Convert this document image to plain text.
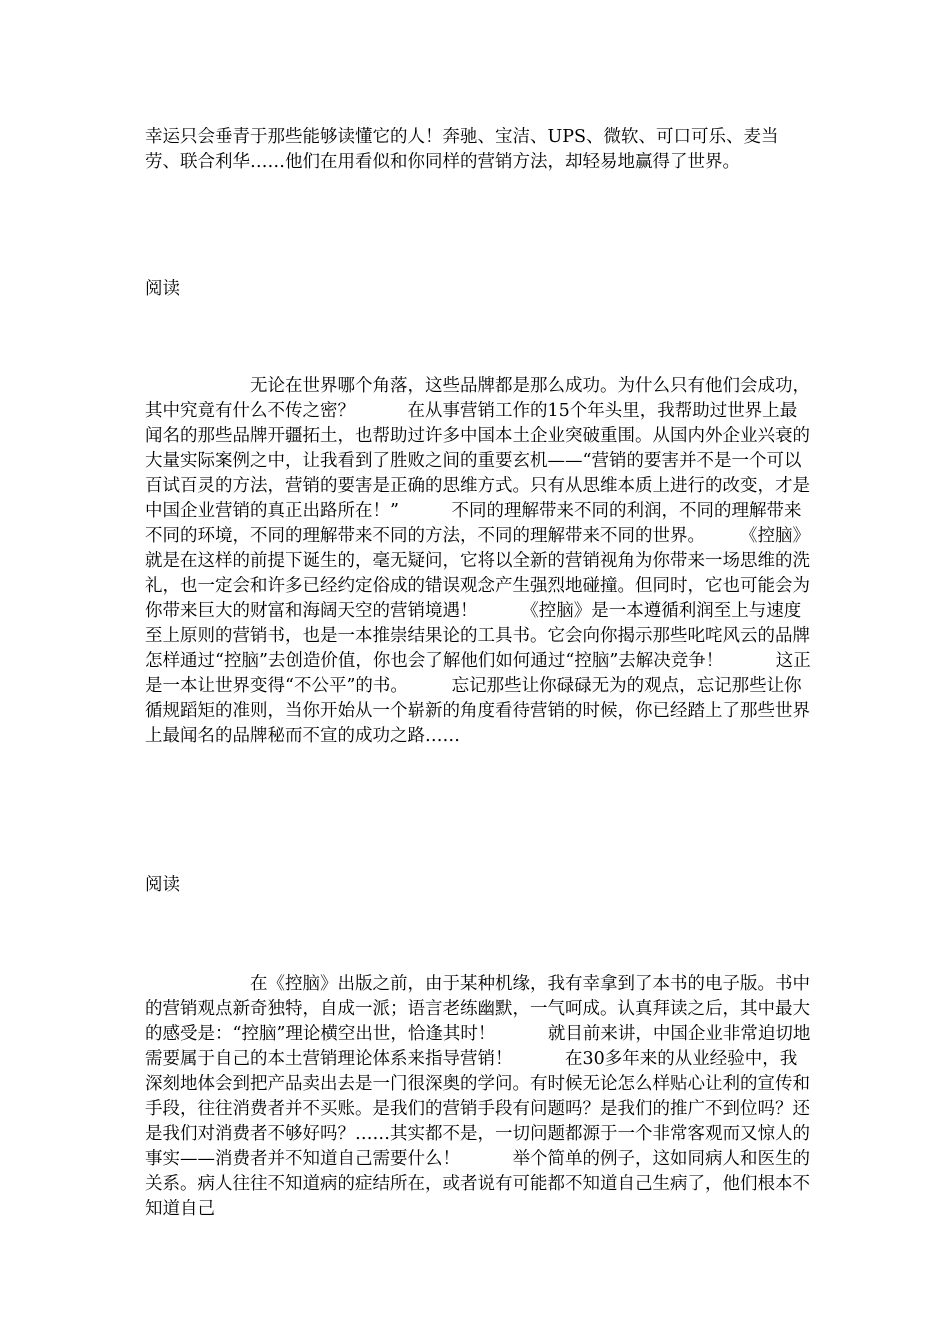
幸运只会垂青于那些能够读懂它的人！奔驰、宝洁、UPS、微软、可口可乐、麦当劳、联合利华……他们在用看似和你同样的营销方法，却轻易地赢得了世界。

阅读

无论在世界哪个角落，这些品牌都是那么成功。为什么只有他们会成功，其中究竟有什么不传之密？　　　在从事营销工作的15个年头里，我帮助过世界上最闻名的那些品牌开疆拓土，也帮助过许多中国本土企业突破重围。从国内外企业兴衰的大量实际案例之中，让我看到了胜败之间的重要玄机——“营销的要害并不是一个可以百试百灵的方法，营销的要害是正确的思维方式。只有从思维本质上进行的改变，才是中国企业营销的真正出路所在！”　　　不同的理解带来不同的利润，不同的理解带来不同的环境，不同的理解带来不同的方法，不同的理解带来不同的世界。　　　《控脑》就是在这样的前提下诞生的，毫无疑问，它将以全新的营销视角为你带来一场思维的洗礼，也一定会和许多已经约定俗成的错误观念产生强烈地碰撞。但同时，它也可能会为你带来巨大的财富和海阔天空的营销境遇！　　　《控脑》是一本遵循利润至上与速度至上原则的营销书，也是一本推崇结果论的工具书。它会向你揭示那些叱咤风云的品牌怎样通过“控脑”去创造价值，你也会了解他们如何通过“控脑”去解决竞争！　　　这正是一本让世界变得“不公平”的书。　　　忘记那些让你碌碌无为的观点，忘记那些让你循规蹈矩的准则，当你开始从一个崭新的角度看待营销的时候，你已经踏上了那些世界上最闻名的品牌秘而不宣的成功之路……

阅读

在《控脑》出版之前，由于某种机缘，我有幸拿到了本书的电子版。书中的营销观点新奇独特，自成一派；语言老练幽默，一气呵成。认真拜读之后，其中最大的感受是：“控脑”理论横空出世，恰逢其时！　　　就目前来讲，中国企业非常迫切地需要属于自己的本土营销理论体系来指导营销！　　　在30多年来的从业经验中，我深刻地体会到把产品卖出去是一门很深奥的学问。有时候无论怎么样贴心让利的宣传和手段，往往消费者并不买账。是我们的营销手段有问题吗？是我们的推广不到位吗？还是我们对消费者不够好吗？……其实都不是，一切问题都源于一个非常客观而又惊人的事实——消费者并不知道自己需要什么！　　　举个简单的例子，这如同病人和医生的关系。病人往往不知道病的症结所在，或者说有可能都不知道自己生病了，他们根本不知道自己
